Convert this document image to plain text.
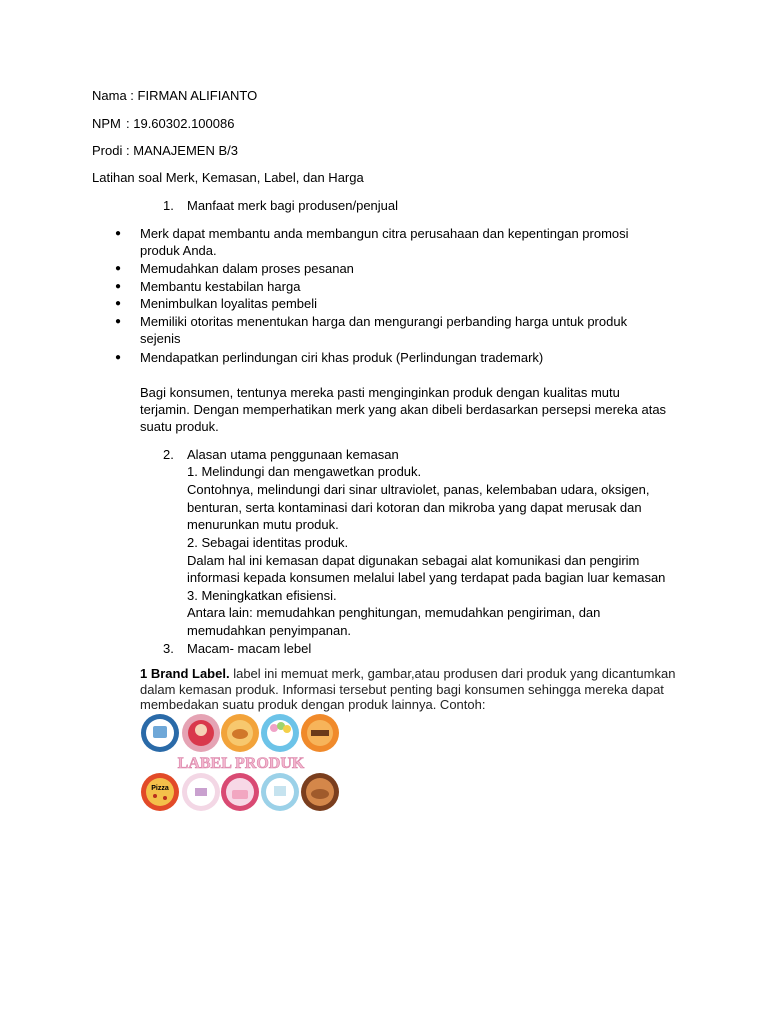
Nama : FIRMAN ALIFIANTO
NPM : 19.60302.100086
Prodi : MANAJEMEN B/3
Latihan soal Merk, Kemasan, Label, dan Harga
1. Manfaat merk bagi produsen/penjual
● Merk dapat membantu anda membangun citra perusahaan dan kepentingan promosi
produk Anda.
● Memudahkan dalam proses pesanan
● Membantu kestabilan harga
● Menimbulkan loyalitas pembeli
● Memiliki otoritas menentukan harga dan mengurangi perbanding harga untuk produk
sejenis
● Mendapatkan perlindungan ciri khas produk (Perlindungan trademark)
Bagi konsumen, tentunya mereka pasti menginginkan produk dengan kualitas mutu
terjamin. Dengan memperhatikan merk yang akan dibeli berdasarkan persepsi mereka atas
suatu produk.
2. Alasan utama penggunaan kemasan
1. Melindungi dan mengawetkan produk.
Contohnya, melindungi dari sinar ultraviolet, panas, kelembaban udara, oksigen,
benturan, serta kontaminasi dari kotoran dan mikroba yang dapat merusak dan
menurunkan mutu produk.
2. Sebagai identitas produk.
Dalam hal ini kemasan dapat digunakan sebagai alat komunikasi dan pengirim
informasi kepada konsumen melalui label yang terdapat pada bagian luar kemasan
3. Meningkatkan efisiensi.
Antara lain: memudahkan penghitungan, memudahkan pengiriman, dan
memudahkan penyimpanan.
3. Macam- macam lebel
1 Brand Label. label ini memuat merk, gambar,atau produsen dari produk yang dicantumkan
dalam kemasan produk. Informasi tersebut penting bagi konsumen sehingga mereka dapat
membedakan suatu produk dengan produk lainnya. Contoh:
LABEL PRODUK
Pizza
